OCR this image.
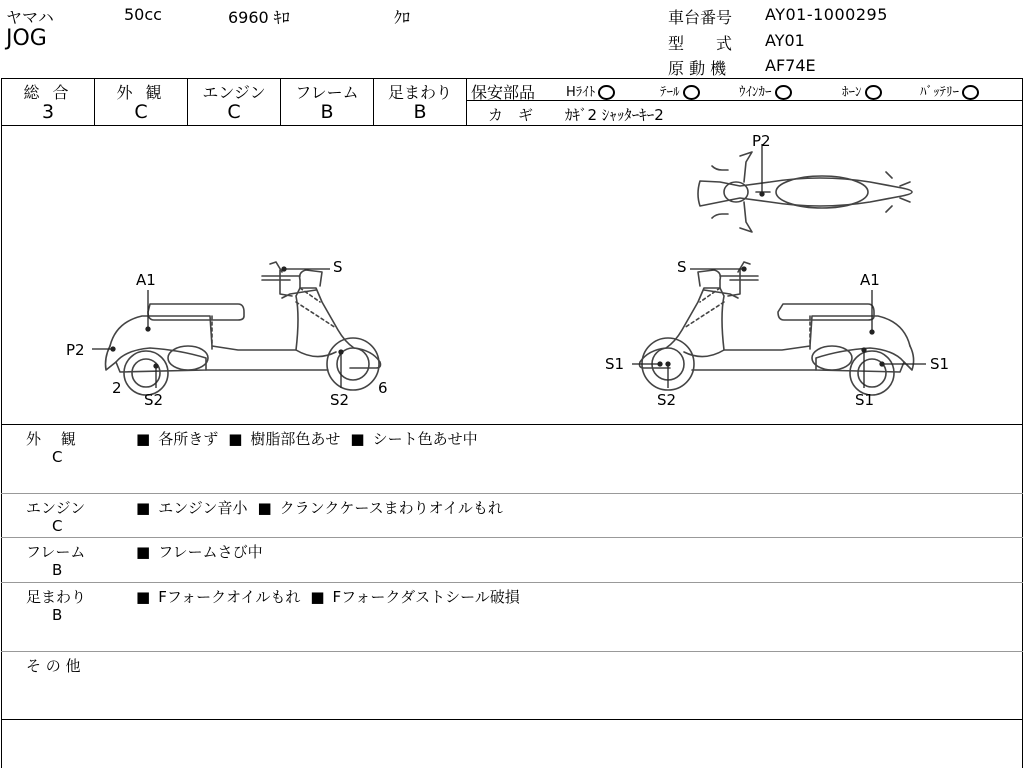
ヤマハ	50cc	6960 ｷﾛ	ｸﾛ
JOG
車台番号 AY01-1000295
型　　式 AY01
原 動 機 AF74E
総 合
3
外 観
C
エンジン
C
フレーム
B
足まわり
B
保安部品 Hﾗｲﾄ	ﾃｰﾙ	ｳｲﾝｶｰ	ﾎｰﾝ	ﾊﾞｯﾃﾘｰ
カ　ギ ｶｷﾞ2 ｼｬｯﾀｰｷｰ2
A1
P2
S
2
S2	S2
6
S
A1
S1	S1
S2	S1
P2
外　 観
C
■ 各所きず ■ 樹脂部色あせ ■ シート色あせ中
エンジン
C
■ エンジン音小 ■ クランクケースまわりオイルもれ
フレーム
B
■ フレームさび中
足まわり
B
■ Fフォークオイルもれ ■ Fフォークダストシール破損
そ の 他
